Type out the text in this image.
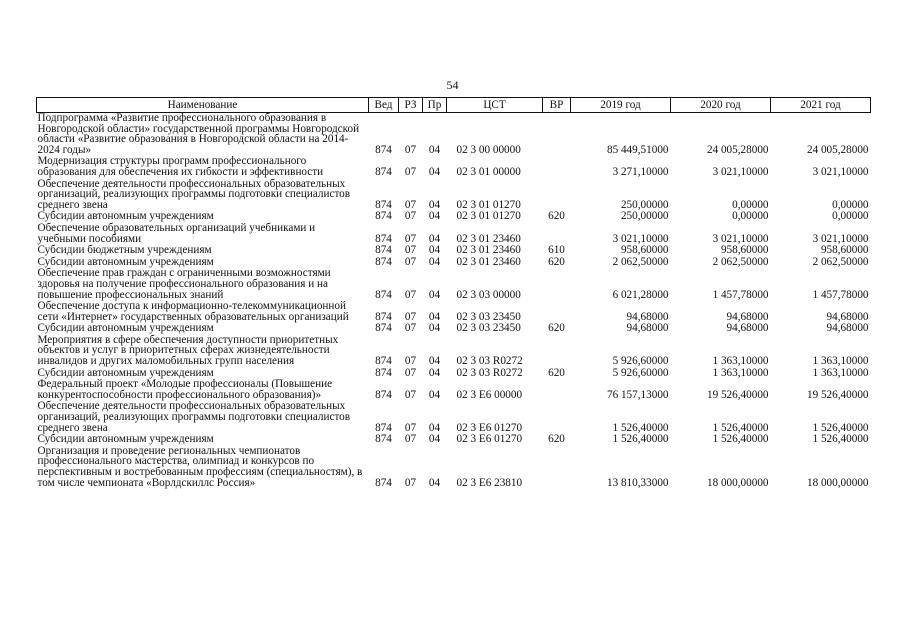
54
Наименование	Вед	РЗ	Пр	ЦСТ	ВР	2019 год	2020 год	2021 год
Подпрограмма «Развитие профессионального образования в Новгородской области» государственной программы Новгородской области «Развитие образования в Новгородской области на 2014-2024 годы»	874	07	04	02 3 00 00000		85 449,51000	24 005,28000	24 005,28000
Модернизация структуры программ профессионального образования для обеспечения их гибкости и эффективности	874	07	04	02 3 01 00000		3 271,10000	3 021,10000	3 021,10000
Обеспечение деятельности профессиональных образовательных организаций, реализующих программы подготовки специалистов среднего звена	874	07	04	02 3 01 01270		250,00000	0,00000	0,00000
Субсидии автономным учреждениям	874	07	04	02 3 01 01270	620	250,00000	0,00000	0,00000
Обеспечение образовательных организаций учебниками и учебными пособиями	874	07	04	02 3 01 23460		3 021,10000	3 021,10000	3 021,10000
Субсидии бюджетным учреждениям	874	07	04	02 3 01 23460	610	958,60000	958,60000	958,60000
Субсидии автономным учреждениям	874	07	04	02 3 01 23460	620	2 062,50000	2 062,50000	2 062,50000
Обеспечение прав граждан с ограниченными возможностями здоровья на получение профессионального образования и на повышение профессиональных знаний	874	07	04	02 3 03 00000		6 021,28000	1 457,78000	1 457,78000
Обеспечение доступа к информационно-телекоммуникационной сети «Интернет» государственных образовательных организаций	874	07	04	02 3 03 23450		94,68000	94,68000	94,68000
Субсидии автономным учреждениям	874	07	04	02 3 03 23450	620	94,68000	94,68000	94,68000
Мероприятия в сфере обеспечения доступности приоритетных объектов и услуг в приоритетных сферах жизнедеятельности инвалидов и других маломобильных групп населения	874	07	04	02 3 03 R0272		5 926,60000	1 363,10000	1 363,10000
Субсидии автономным учреждениям	874	07	04	02 3 03 R0272	620	5 926,60000	1 363,10000	1 363,10000
Федеральный проект «Молодые профессионалы (Повышение конкурентоспособности профессионального образования)»	874	07	04	02 3 E6 00000		76 157,13000	19 526,40000	19 526,40000
Обеспечение деятельности профессиональных образовательных организаций, реализующих программы подготовки специалистов среднего звена	874	07	04	02 3 E6 01270		1 526,40000	1 526,40000	1 526,40000
Субсидии автономным учреждениям	874	07	04	02 3 E6 01270	620	1 526,40000	1 526,40000	1 526,40000
Организация и проведение региональных чемпионатов профессионального мастерства, олимпиад и конкурсов по перспективным и востребованным профессиям (специальностям), в том числе чемпионата «Ворлдскиллс Россия»	874	07	04	02 3 E6 23810		13 810,33000	18 000,00000	18 000,00000
